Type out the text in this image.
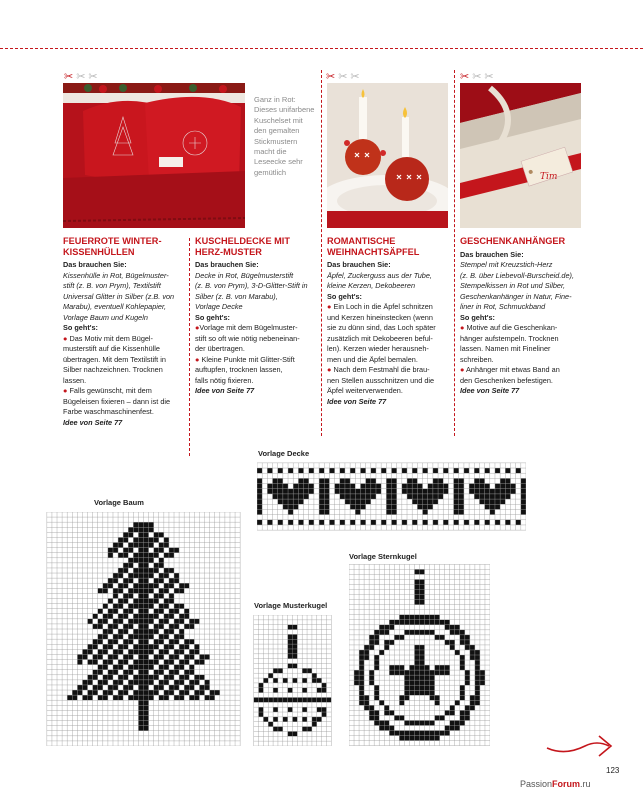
✂✂✂	✂✂✂	✂✂✂
Ganz in Rot:
Dieses unifarbene
Kuschelset mit
den gemalten
Stickmustern
macht die
Leseecke sehr
gemütlich	Tim
FEUERROTE WINTER-
KISSENHÜLLEN
Das brauchen Sie:
Kissenhülle in Rot, Bügelmuster-
stift (z. B. von Prym), Textilstift
Universal Glitter in Silber (z.B. von
Marabu), eventuell Kohlepapier,
Vorlage Baum und Kugeln
So geht's:
● Das Motiv mit dem Bügel-
musterstift auf die Kissenhülle
übertragen. Mit dem Textilstift in
Silber nachzeichnen. Trocknen
lassen.
● Falls gewünscht, mit dem
Bügeleisen fixieren – dann ist die
Farbe waschmaschinenfest.
Idee von Seite 77
KUSCHELDECKE MIT
HERZ-MUSTER
Das brauchen Sie:
Decke in Rot, Bügelmusterstift
(z. B. von Prym), 3-D-Glitter-Stift in
Silber (z. B. von Marabu),
Vorlage Decke
So geht's:
●Vorlage mit dem Bügelmuster-
stift so oft wie nötig nebeneinan-
der übertragen.
● Kleine Punkte mit Glitter-Stift
auftupfen, trocknen lassen,
falls nötig fixieren.
Idee von Seite 77
ROMANTISCHE
WEIHNACHTSÄPFEL
Das brauchen Sie:
Äpfel, Zuckerguss aus der Tube,
kleine Kerzen, Dekobeeren
So geht's:
● Ein Loch in die Äpfel schnitzen
und Kerzen hineinstecken (wenn
sie zu dünn sind, das Loch später
zusätzlich mit Dekobeeren beful-
len). Kerzen wieder herausneh-
men und die Äpfel bemalen.
● Nach dem Festmahl die brau-
nen Stellen ausschnitzen und die
Äpfel weiterverwenden.
Idee von Seite 77
GESCHENKANHÄNGER
Das brauchen Sie:
Stempel mit Kreuzstich-Herz
(z. B. über Liebevoll-Burscheid.de),
Stempelkissen in Rot und Silber,
Geschenkanhänger in Natur, Fine-
liner in Rot, Schmuckband
So geht's:
● Motive auf die Geschenkan-
hänger aufstempeln. Trocknen
lassen. Namen mit Fineliner
schreiben.
● Anhänger mit etwas Band an
den Geschenken befestigen.
Idee von Seite 77
Vorlage Decke
Vorlage Baum
Vorlage Sternkugel
Vorlage Musterkugel
123
PassionForum.ru
